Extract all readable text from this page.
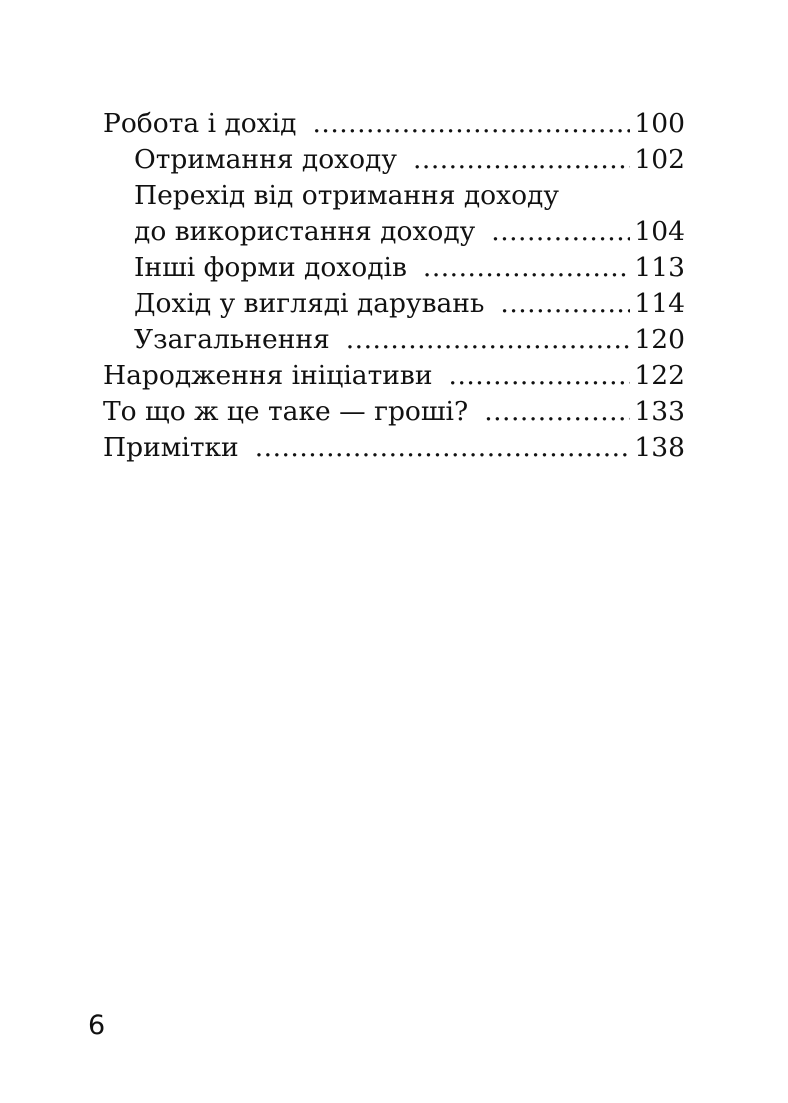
Робота і дохід .....	100
Отримання доходу .....	102
Перехід від отримання доходу
до використання доходу .....	104
Інші форми доходів .....	113
Дохід у вигляді дарувань .....	114
Узагальнення .....	120
Народження ініціативи .....	122
То що ж це таке — гроші? .....	133
Примітки .....	138
6
